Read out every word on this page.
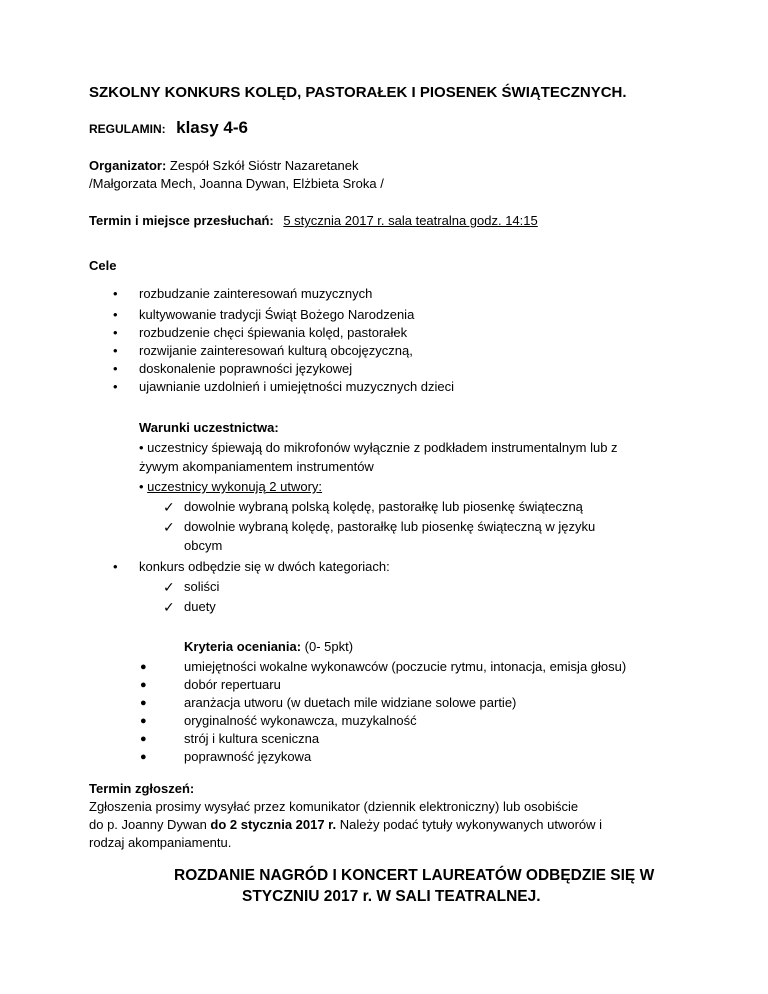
SZKOLNY KONKURS KOLĘD, PASTORAŁEK I PIOSENEK ŚWIĄTECZNYCH.
REGULAMIN: klasy 4-6
Organizator: Zespół Szkół Sióstr Nazaretanek
/Małgorzata Mech, Joanna Dywan, Elżbieta Sroka /
Termin i miejsce przesłuchań: 5 stycznia 2017 r. sala teatralna godz. 14:15
Cele
• rozbudzanie zainteresowań muzycznych
• kultywowanie tradycji Świąt Bożego Narodzenia
• rozbudzenie chęci śpiewania kolęd, pastorałek
• rozwijanie zainteresowań kulturą obcojęzyczną,
• doskonalenie poprawności językowej
• ujawnianie uzdolnień i umiejętności muzycznych dzieci
Warunki uczestnictwa:
• uczestnicy śpiewają do mikrofonów wyłącznie z podkładem instrumentalnym lub z
żywym akompaniamentem instrumentów
• uczestnicy wykonują 2 utwory:
✓ dowolnie wybraną polską kolędę, pastorałkę lub piosenkę świąteczną
✓ dowolnie wybraną kolędę, pastorałkę lub piosenkę świąteczną w języku
obcym
• konkurs odbędzie się w dwóch kategoriach:
✓ soliści
✓ duety
Kryteria oceniania: (0- 5pkt)
●	umiejętności wokalne wykonawców (poczucie rytmu, intonacja, emisja głosu)
●	dobór repertuaru
●	aranżacja utworu (w duetach mile widziane solowe partie)
●	oryginalność wykonawcza, muzykalność
●	strój i kultura sceniczna
●	poprawność językowa
Termin zgłoszeń:
Zgłoszenia prosimy wysyłać przez komunikator (dziennik elektroniczny) lub osobiście
do p. Joanny Dywan do 2 stycznia 2017 r. Należy podać tytuły wykonywanych utworów i
rodzaj akompaniamentu.
ROZDANIE NAGRÓD I KONCERT LAUREATÓW ODBĘDZIE SIĘ W
STYCZNIU 2017 r. W SALI TEATRALNEJ.
